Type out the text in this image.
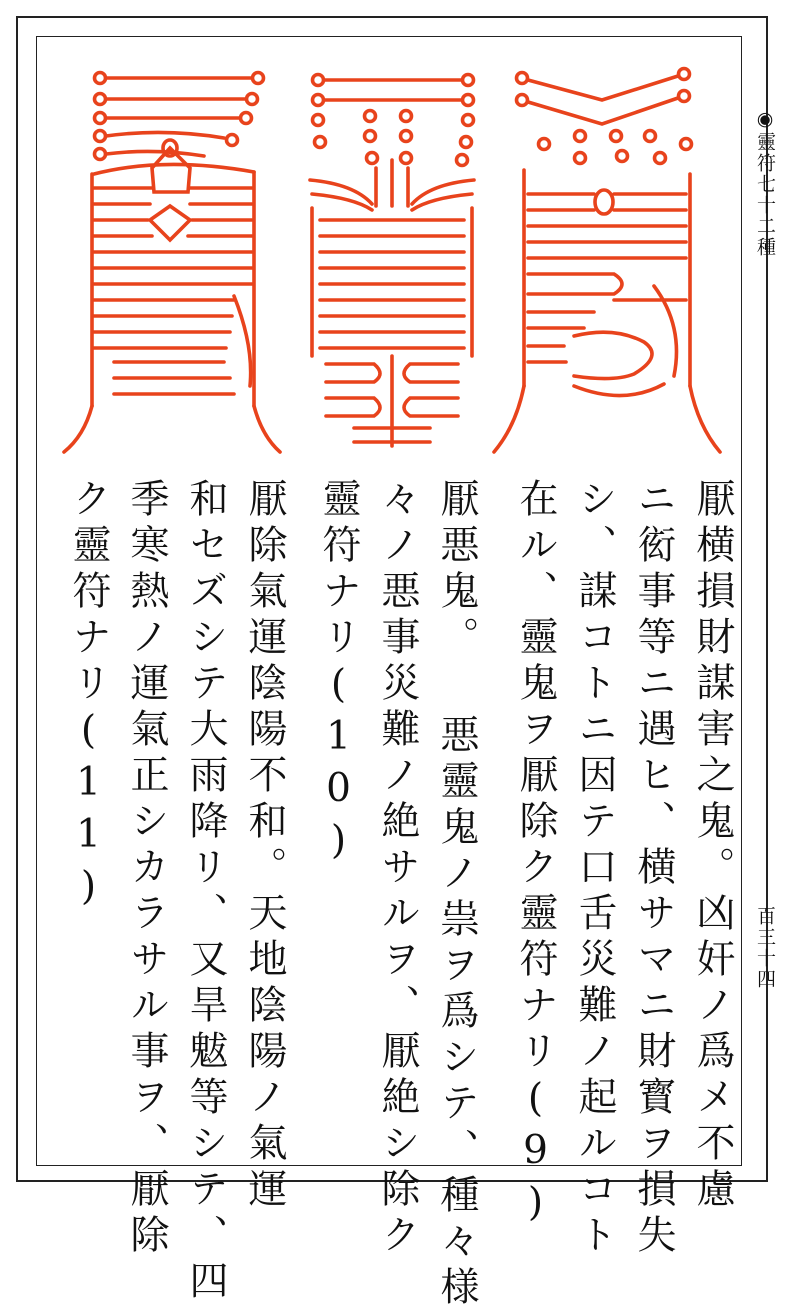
◉靈符七十二種
百三十四
厭横損財謀害之鬼。凶奸ノ爲メ不慮
ニ衒事等ニ遇ヒ、横サマニ財寳ヲ損失
シ、謀コトニ因テ口舌災難ノ起ルコト
在ル、靈鬼ヲ厭除ク靈符ナリ(9)
厭悪鬼。 悪靈鬼ノ祟ヲ爲シテ、種々様
々ノ悪事災難ノ絶サルヲ、厭絶シ除ク
靈符ナリ(10)
厭除氣運陰陽不和。天地陰陽ノ氣運
和セズシテ大雨降リ、又旱魃等シテ、四
季寒熱ノ運氣正シカラサル事ヲ、厭除
ク靈符ナリ(11)
